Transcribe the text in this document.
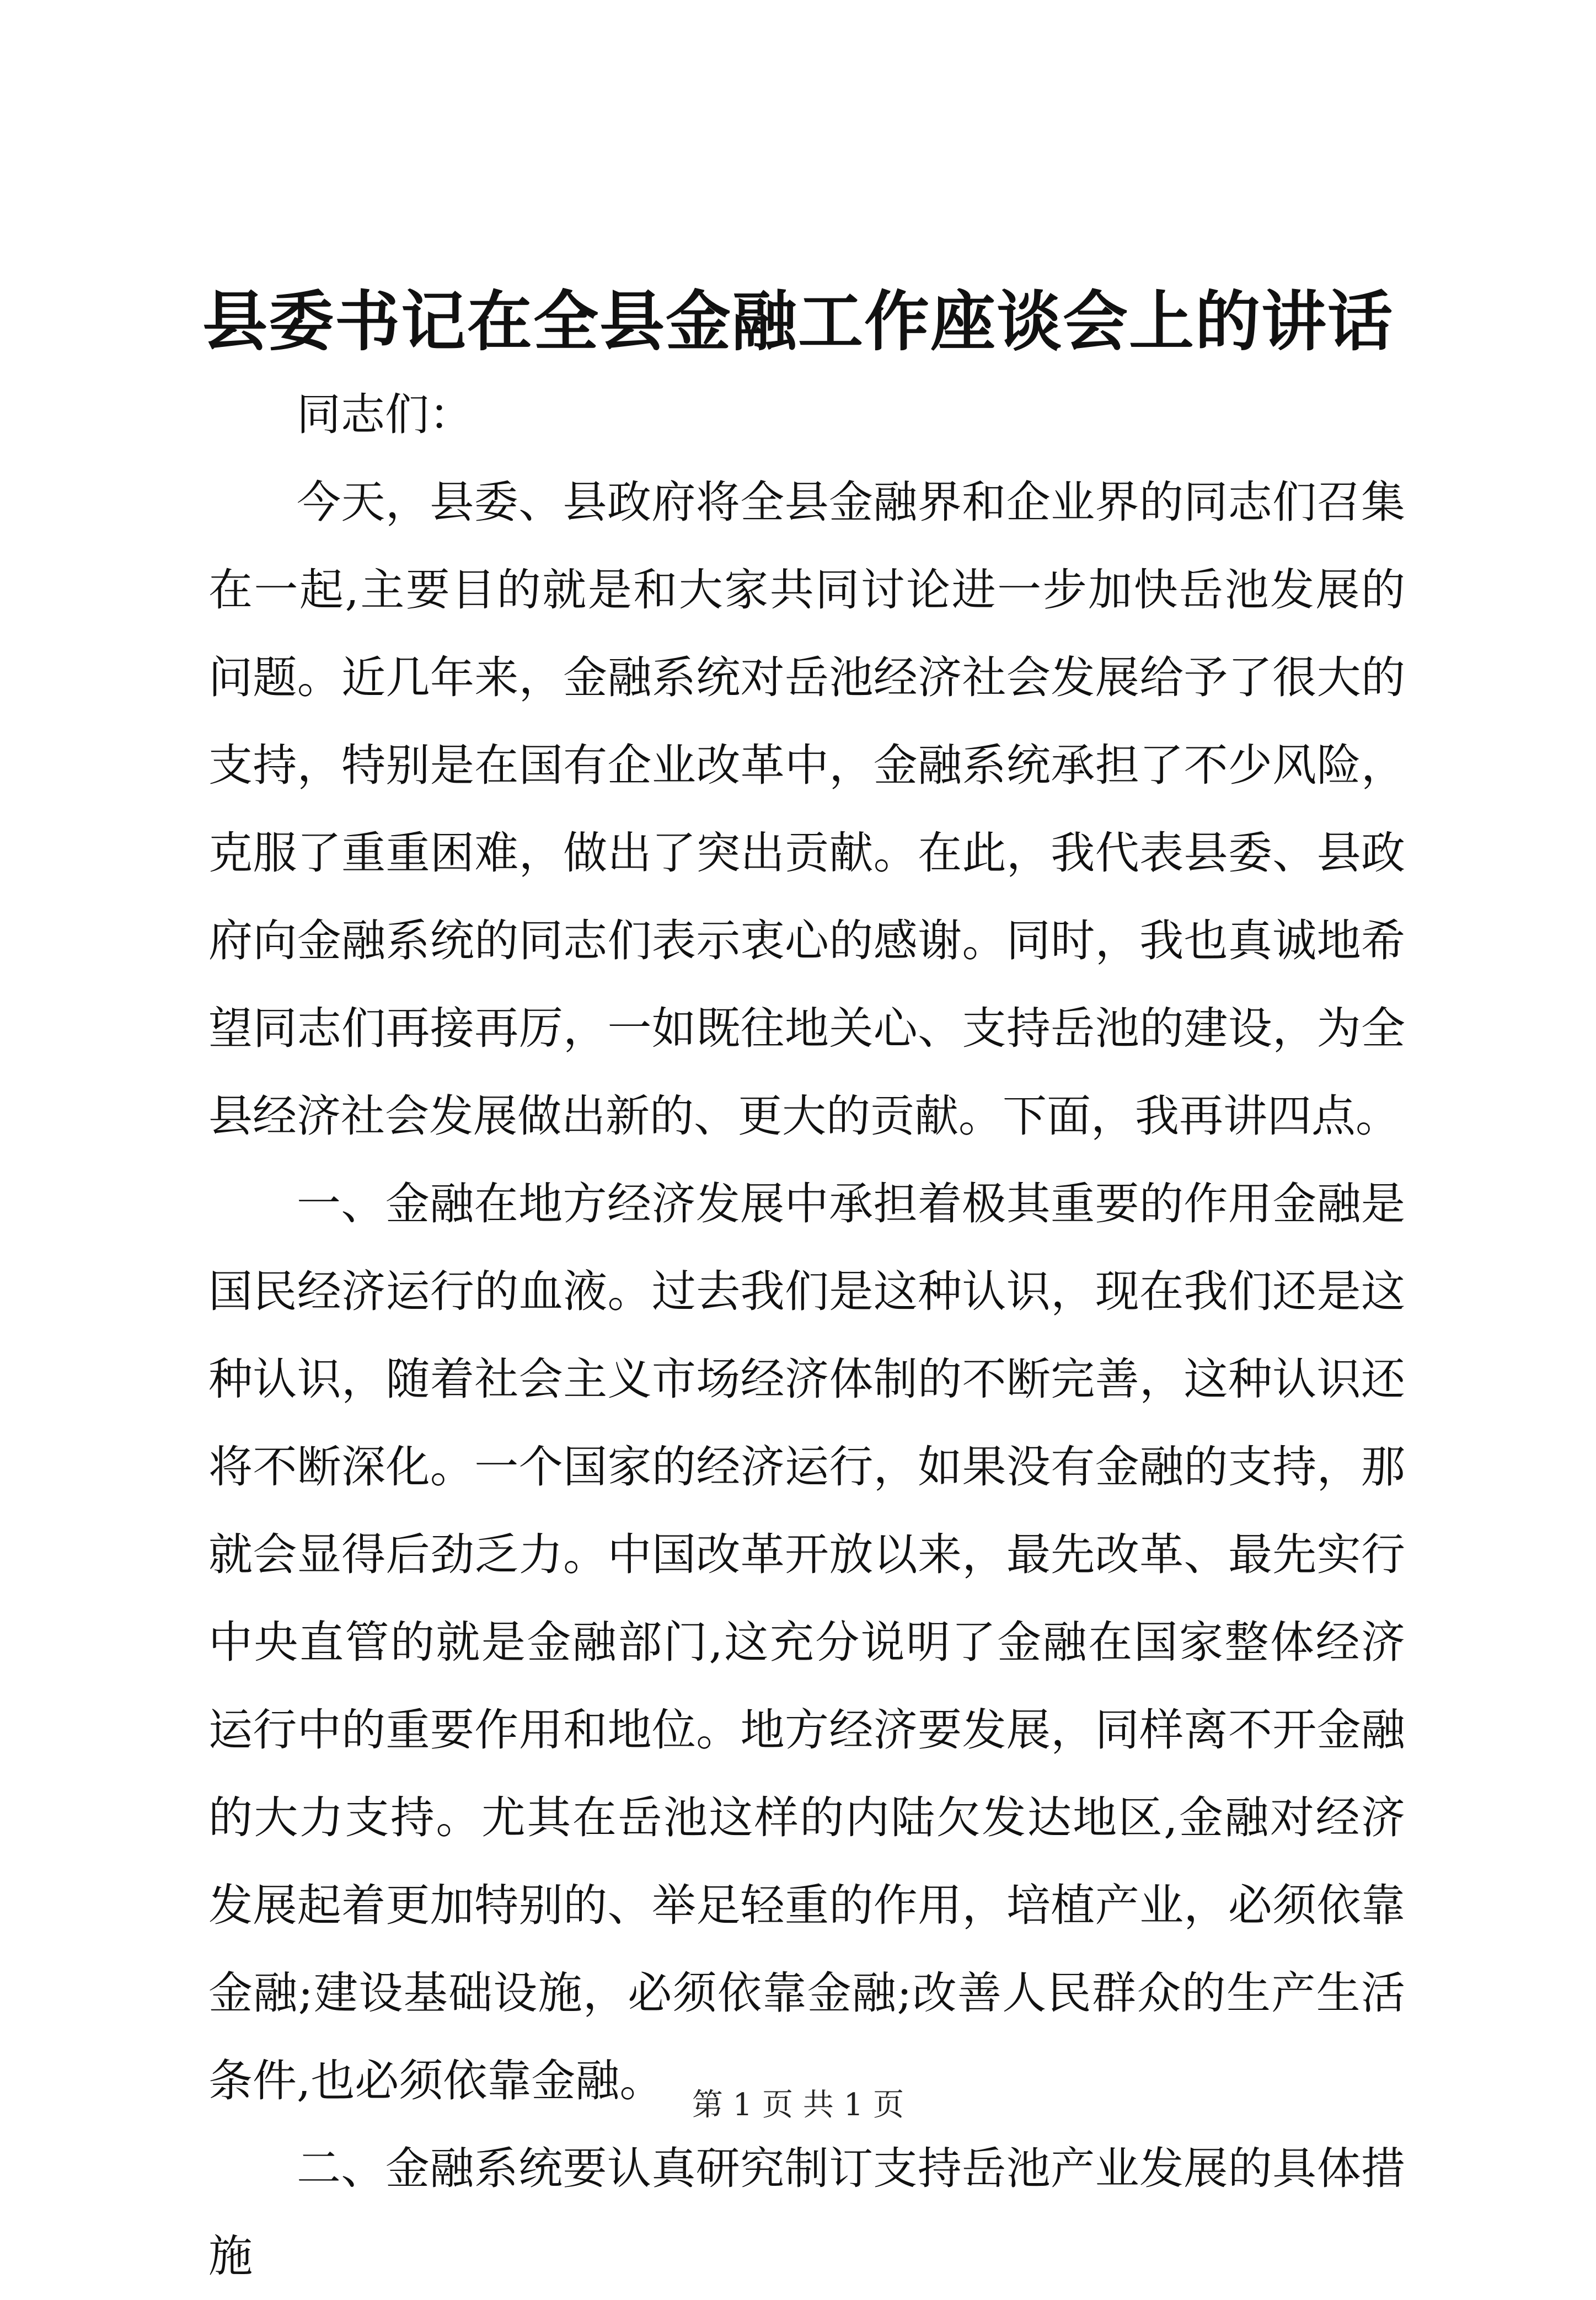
县委书记在全县金融工作座谈会上的讲话

同志们：

今天，县委、县政府将全县金融界和企业界的同志们召集在一起,主要目的就是和大家共同讨论进一步加快岳池发展的问题。近几年来，金融系统对岳池经济社会发展给予了很大的支持，特别是在国有企业改革中，金融系统承担了不少风险，克服了重重困难，做出了突出贡献。在此，我代表县委、县政府向金融系统的同志们表示衷心的感谢。同时，我也真诚地希望同志们再接再厉，一如既往地关心、支持岳池的建设，为全县经济社会发展做出新的、更大的贡献。下面，我再讲四点。

一、金融在地方经济发展中承担着极其重要的作用金融是国民经济运行的血液。过去我们是这种认识，现在我们还是这种认识，随着社会主义市场经济体制的不断完善，这种认识还将不断深化。一个国家的经济运行，如果没有金融的支持，那就会显得后劲乏力。中国改革开放以来，最先改革、最先实行中央直管的就是金融部门,这充分说明了金融在国家整体经济运行中的重要作用和地位。地方经济要发展，同样离不开金融的大力支持。尤其在岳池这样的内陆欠发达地区,金融对经济发展起着更加特别的、举足轻重的作用，培植产业，必须依靠金融;建设基础设施，必须依靠金融;改善人民群众的生产生活条件,也必须依靠金融。

二、金融系统要认真研究制订支持岳池产业发展的具体措施

第 1 页 共 1 页
